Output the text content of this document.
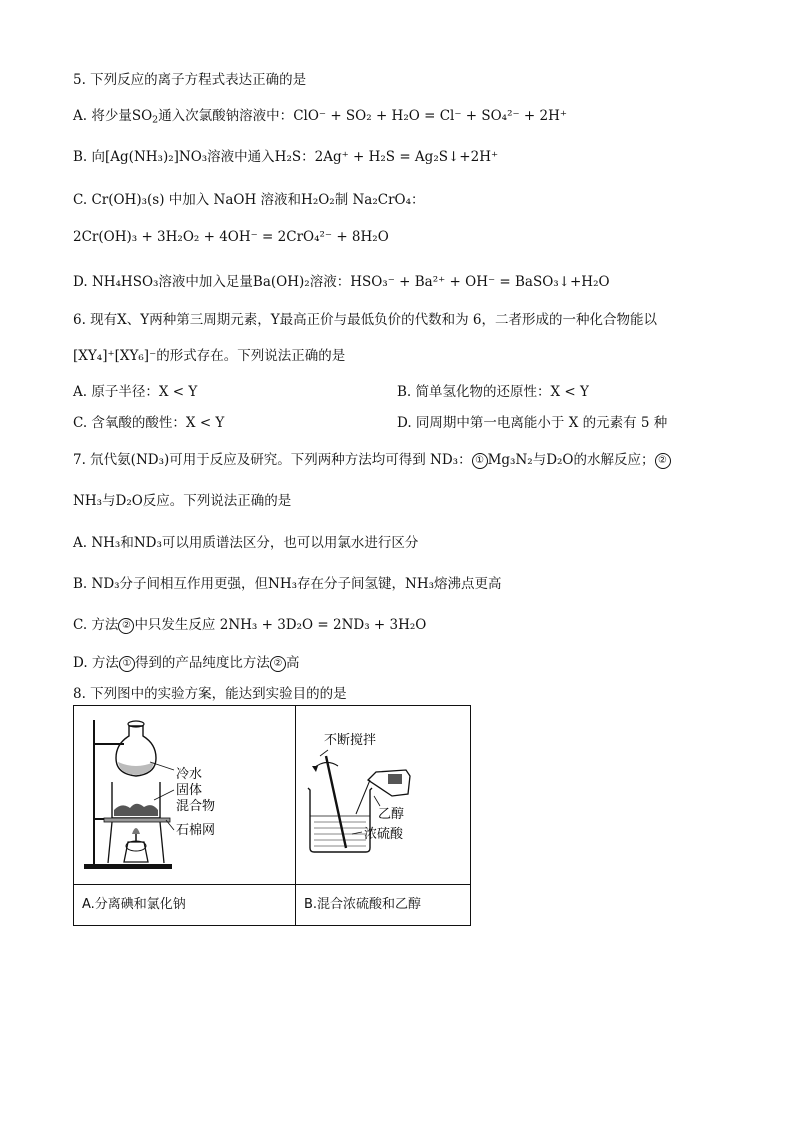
5. 下列反应的离子方程式表达正确的是
A. 将少量$SO_2$通入次氯酸钠溶液中：ClO⁻ + SO₂ + H₂O = Cl⁻ + SO₄²⁻ + 2H⁺
B. 向[Ag(NH₃)₂]NO₃溶液中通入H₂S：2Ag⁺ + H₂S = Ag₂S↓+2H⁺
C. Cr(OH)₃(s) 中加入 NaOH 溶液和H₂O₂制 Na₂CrO₄：
2Cr(OH)₃ + 3H₂O₂ + 4OH⁻ = 2CrO₄²⁻ + 8H₂O
D. NH₄HSO₃溶液中加入足量Ba(OH)₂溶液：HSO₃⁻ + Ba²⁺ + OH⁻ = BaSO₃↓+H₂O
6. 现有X、Y两种第三周期元素，Y最高正价与最低负价的代数和为 6，二者形成的一种化合物能以
[XY₄]⁺[XY₆]⁻的形式存在。下列说法正确的是
A. 原子半径：X < Y	B. 简单氢化物的还原性：X < Y
C. 含氧酸的酸性：X < Y	D. 同周期中第一电离能小于 X 的元素有 5 种
7. 氘代氨(ND₃)可用于反应及研究。下列两种方法均可得到 ND₃： ① Mg₃N₂与D₂O的水解反应； ②
NH₃与D₂O反应。下列说法正确的是
A. NH₃和ND₃可以用质谱法区分，也可以用氯水进行区分
B. ND₃分子间相互作用更强，但NH₃存在分子间氢键，NH₃熔沸点更高
C. 方法 ② 中只发生反应 2NH₃ + 3D₂O = 2ND₃ + 3H₂O
D. 方法 ① 得到的产品纯度比方法 ② 高
8. 下列图中的实验方案，能达到实验目的的是
冷水
固体
混合物
石棉网	不断搅拌
乙醇
浓硫酸

A.分离碘和氯化钠	B.混合浓硫酸和乙醇
